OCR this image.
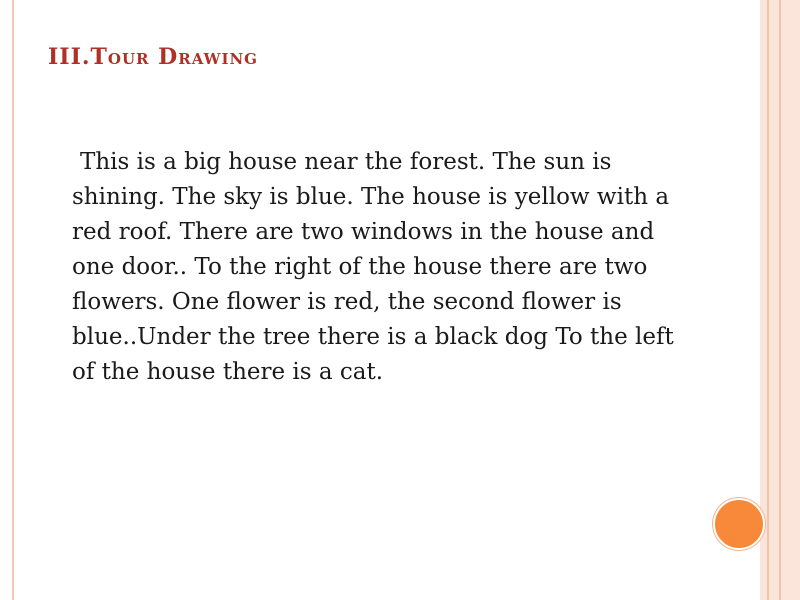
III.Tour Drawing

This is a big house near the forest. The sun is shining. The sky is blue. The house is yellow with a red roof. There are two windows in the house and one door.. To the right of the house there are two flowers. One flower is red, the second flower is blue..Under the tree there is a black dog To the left of the house there is a cat.
